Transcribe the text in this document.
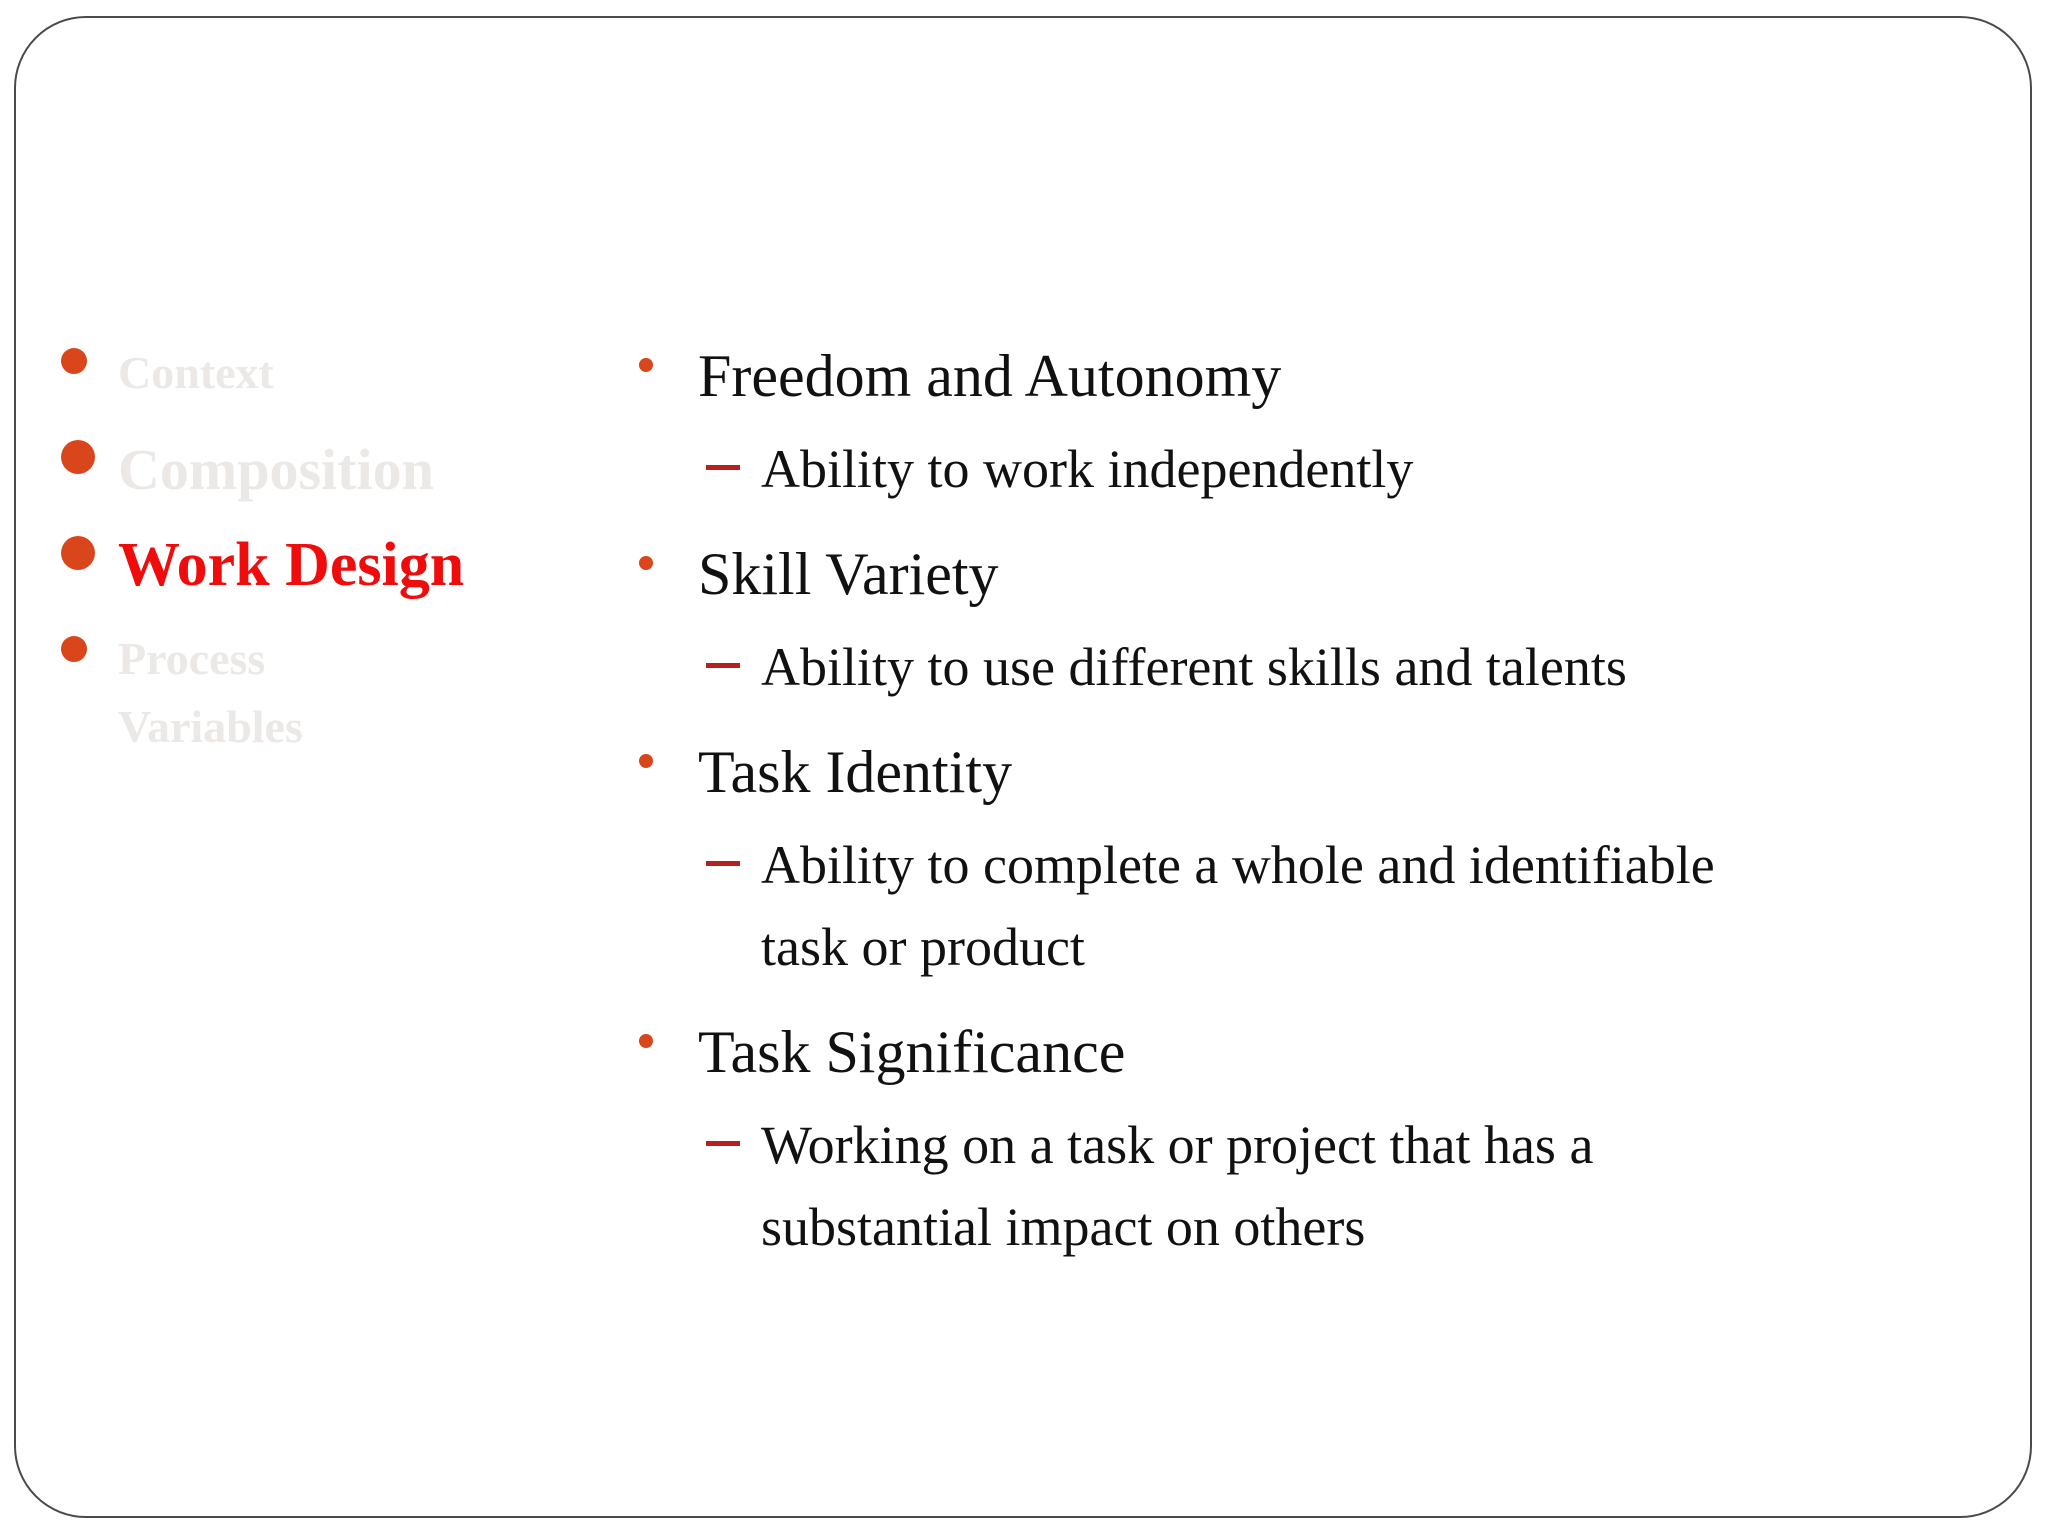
Context
Composition
Work Design
Process
Variables
Freedom and Autonomy
Ability to work independently
Skill Variety
Ability to use different skills and talents
Task Identity
Ability to complete a whole and identifiable
task or product
Task Significance
Working on a task or project that has a
substantial impact on others
